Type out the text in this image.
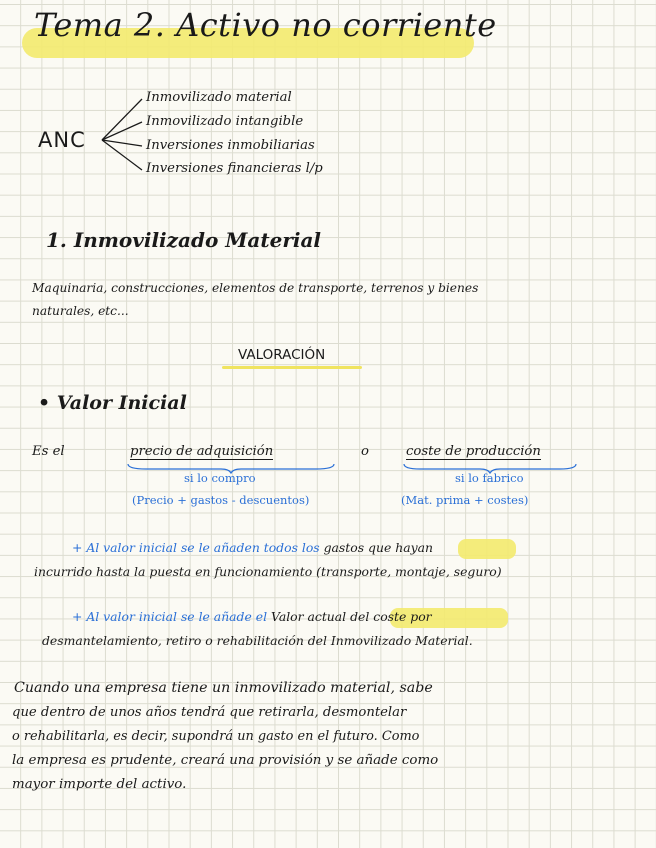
Tema 2. Activo no corriente
ANC
Inmovilizado material
Inmovilizado intangible
Inversiones inmobiliarias
Inversiones financieras l/p
1. Inmovilizado Material
Maquinaria, construcciones, elementos de transporte, terrenos y bienes
naturales, etc...
VALORACIÓN
• Valor Inicial
Es el	precio de adquisición	o	coste de producción
si lo compro	si lo fabrico
(Precio + gastos - descuentos)	(Mat. prima + costes)
+ Al valor inicial se le añaden todos los gastos que hayan
incurrido hasta la puesta en funcionamiento (transporte, montaje, seguro)
+ Al valor inicial se le añade el Valor actual del coste por
desmantelamiento, retiro o rehabilitación del Inmovilizado Material.
Cuando una empresa tiene un inmovilizado material, sabe
que dentro de unos años tendrá que retirarla, desmontelar
o rehabilitarla, es decir, supondrá un gasto en el futuro. Como
la empresa es prudente, creará una provisión y se añade como
mayor importe del activo.
